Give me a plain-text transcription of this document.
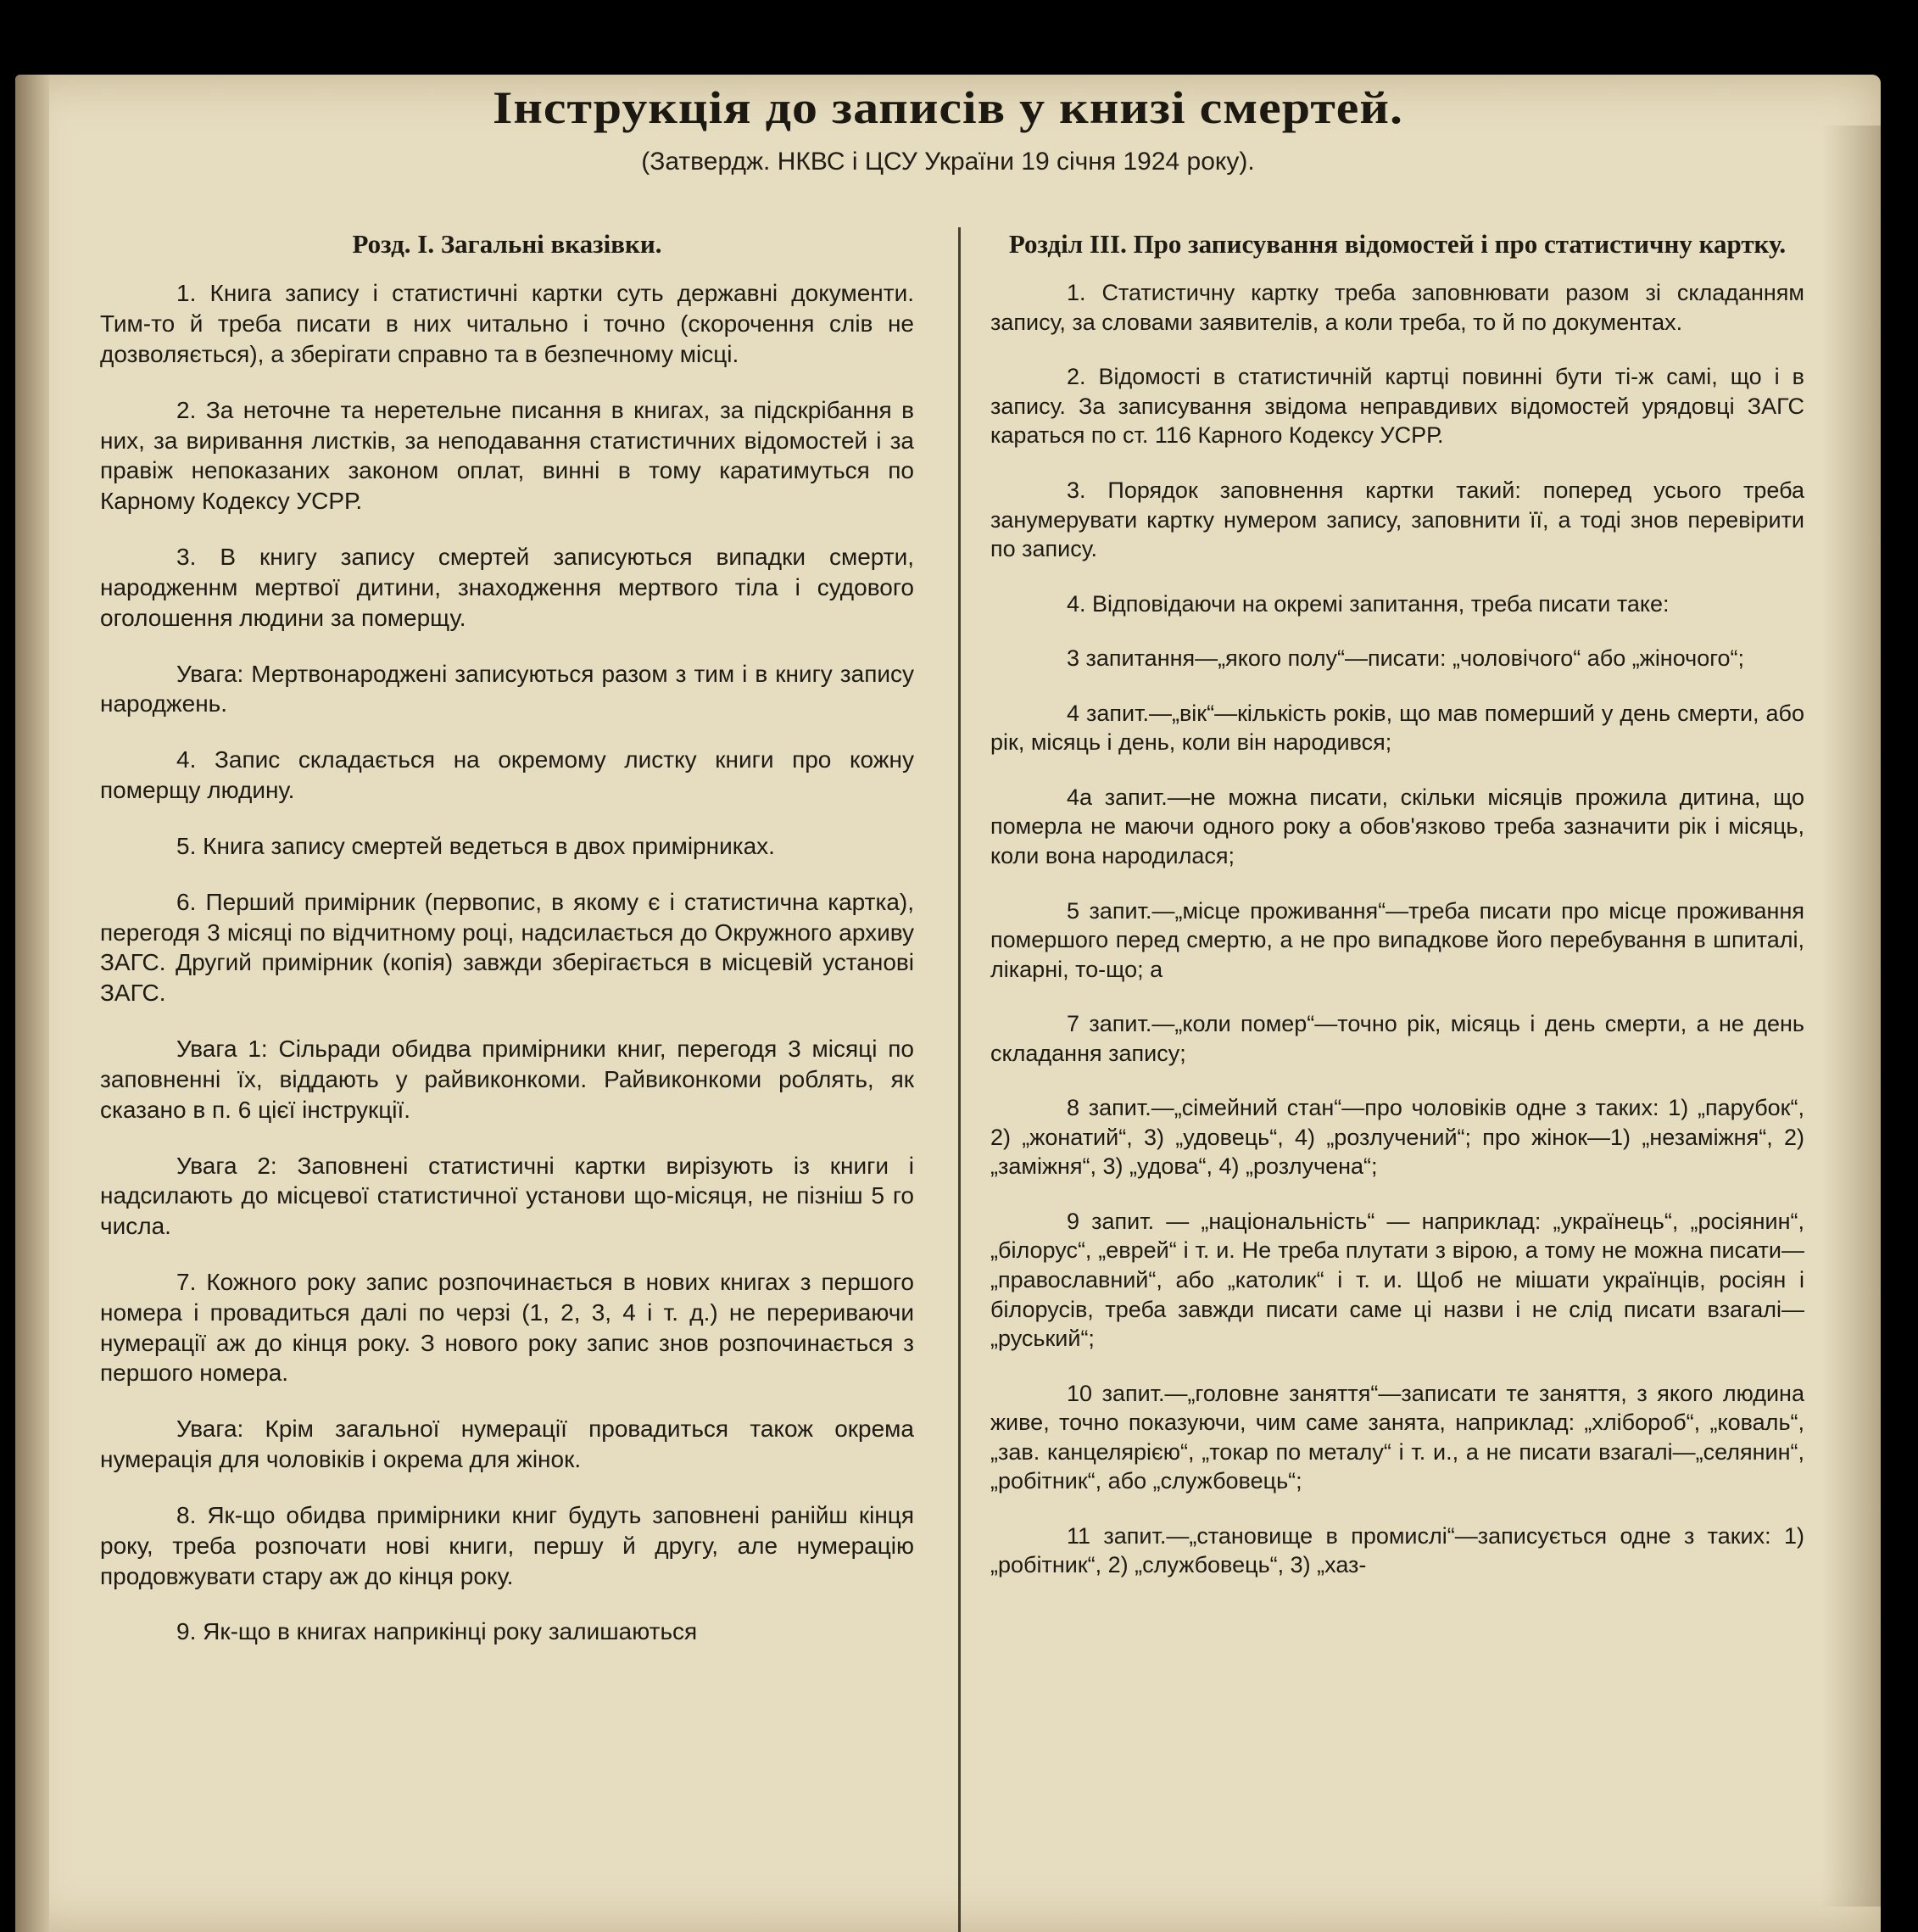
Інструкція до записів у книзі смертей.
(Затвердж. НКВС і ЦСУ України 19 січня 1924 року).
Розд. I. Загальні вказівки.

1. Книга запису і статистичні картки суть державні документи. Тим-то й треба писати в них читально і точно (скорочення слів не дозволяється), а зберігати справно та в безпечному місці.

2. За неточне та неретельне писання в книгах, за підскрібання в них, за виривання листків, за неподавання статистичних відомостей і за правіж непоказаних законом оплат, винні в тому каратимуться по Карному Кодексу УСРР.

3. В книгу запису смертей записуються випадки смерти, народженнм мертвої дитини, знаходження мертвого тіла і судового оголошення людини за померщу.

Увага: Мертвонароджені записуються разом з тим і в книгу запису народжень.

4. Запис складається на окремому листку книги про кожну померщу людину.

5. Книга запису смертей ведеться в двох примірниках.

6. Перший примірник (первопис, в якому є і статистична картка), перегодя 3 місяці по відчитному році, надсилається до Окружного архиву ЗАГС. Другий примірник (копія) завжди зберігається в місцевій установі ЗАГС.

Увага 1: Сільради обидва примірники книг, перегодя 3 місяці по заповненні їх, віддають у райвиконкоми. Райвиконкоми роблять, як сказано в п. 6 цієї інструкції.

Увага 2: Заповнені статистичні картки вирізують із книги і надсилають до місцевої статистичної установи що-місяця, не пізніш 5 го числа.

7. Кожного року запис розпочинається в нових книгах з першого номера і провадиться далі по черзі (1, 2, 3, 4 і т. д.) не перериваючи нумерації аж до кінця року. З нового року запис знов розпочинається з першого номера.

Увага: Крім загальної нумерації провадиться також окрема нумерація для чоловіків і окрема для жінок.

8. Як-що обидва примірники книг будуть заповнені ранійш кінця року, треба розпочати нові книги, першу й другу, але нумерацію продовжувати стару аж до кінця року.

9. Як-що в книгах наприкінці року залишаються

Розділ III. Про записування відомостей і про статистичну картку.

1. Статистичну картку треба заповнювати разом зі складанням запису, за словами заявителів, а коли треба, то й по документах.

2. Відомості в статистичній картці повинні бути ті-ж самі, що і в запису. За записування звідома неправдивих відомостей урядовці ЗАГС караться по ст. 116 Карного Кодексу УСРР.

3. Порядок заповнення картки такий: поперед усього треба занумерувати картку нумером запису, заповнити її, а тоді знов перевірити по запису.

4. Відповідаючи на окремі запитання, треба писати таке:

3 запитання—„якого полу“—писати: „чоловічого“ або „жіночого“;

4 запит.—„вік“—кількість років, що мав померший у день смерти, або рік, місяць і день, коли він народився;

4а запит.—не можна писати, скільки місяців прожила дитина, що померла не маючи одного року а обов'язково треба зазначити рік і місяць, коли вона народилася;

5 запит.—„місце проживання“—треба писати про місце проживання помершого перед смертю, а не про випадкове його перебування в шпиталі, лікарні, то-що; а

7 запит.—„коли помер“—точно рік, місяць і день смерти, а не день складання запису;

8 запит.—„сімейний стан“—про чоловіків одне з таких: 1) „парубок“, 2) „жонатий“, 3) „удовець“, 4) „розлучений“; про жінок—1) „незаміжня“, 2) „заміжня“, 3) „удова“, 4) „розлучена“;

9 запит. — „національність“ — наприклад: „українець“, „росіянин“, „білорус“, „еврей“ і т. и. Не треба плутати з вірою, а тому не можна писати—„православний“, або „католик“ і т. и. Щоб не мішати українців, росіян і білорусів, треба завжди писати саме ці назви і не слід писати взагалі—„руський“;

10 запит.—„головне заняття“—записати те заняття, з якого людина живе, точно показуючи, чим саме занята, наприклад: „хлібороб“, „коваль“, „зав. канцелярією“, „токар по металу“ і т. и., а не писати взагалі—„селянин“, „робітник“, або „службовець“;

11 запит.—„становище в промислі“—записується одне з таких: 1) „робітник“, 2) „службовець“, 3) „хаз-
